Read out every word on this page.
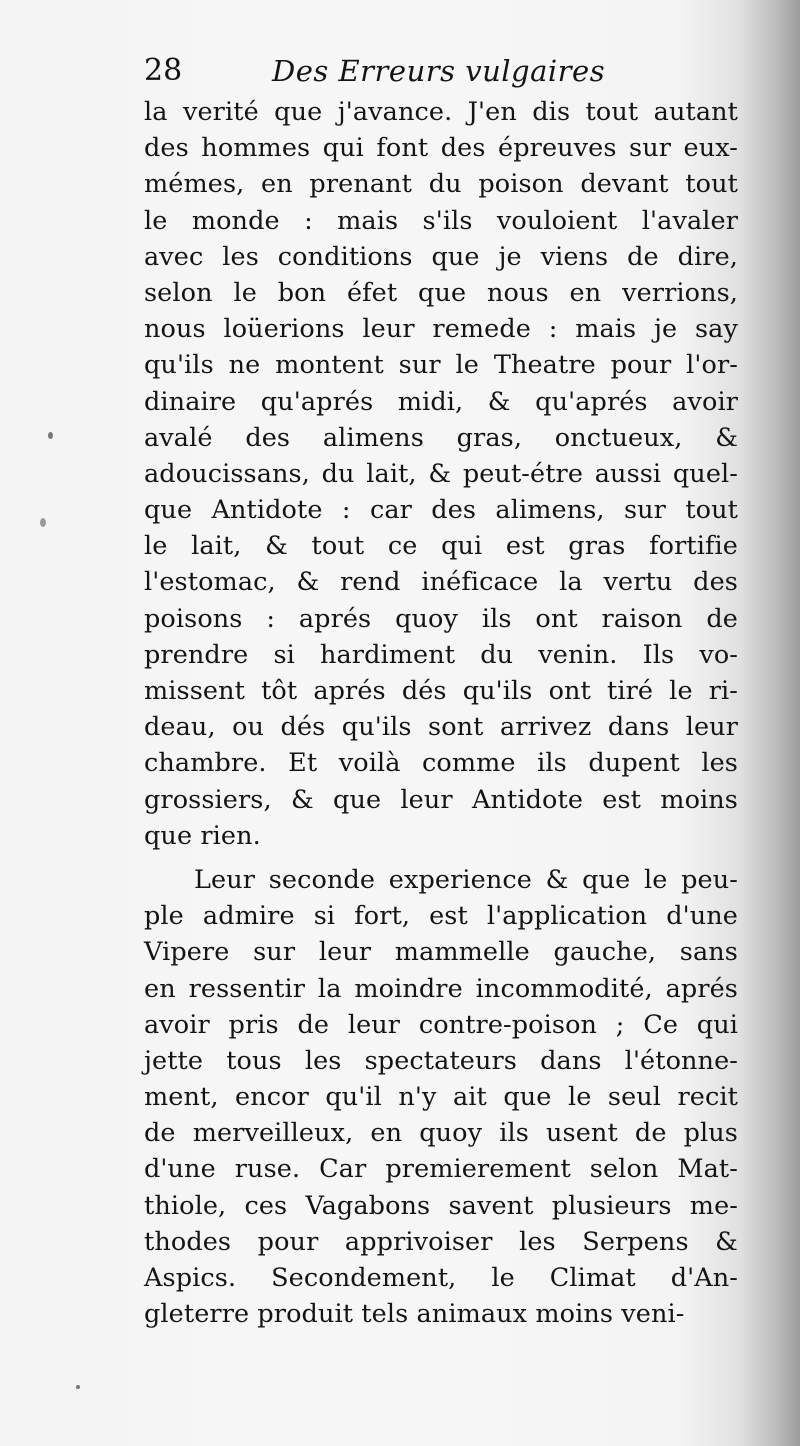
28	Des Erreurs vulgaires
la verité que j'avance. J'en dis tout autant
des hommes qui font des épreuves sur eux-
mémes, en prenant du poison devant tout
le monde : mais s'ils vouloient l'avaler
avec les conditions que je viens de dire,
selon le bon éfet que nous en verrions,
nous loüerions leur remede : mais je say
qu'ils ne montent sur le Theatre pour l'or-
dinaire qu'aprés midi, & qu'aprés avoir
avalé des alimens gras, onctueux, &
adoucissans, du lait, & peut-étre aussi quel-
que Antidote : car des alimens, sur tout
le lait, & tout ce qui est gras fortifie
l'estomac, & rend inéficace la vertu des
poisons : aprés quoy ils ont raison de
prendre si hardiment du venin. Ils vo-
missent tôt aprés dés qu'ils ont tiré le ri-
deau, ou dés qu'ils sont arrivez dans leur
chambre. Et voilà comme ils dupent les
grossiers, & que leur Antidote est moins
que rien.
Leur seconde experience & que le peu-
ple admire si fort, est l'application d'une
Vipere sur leur mammelle gauche, sans
en ressentir la moindre incommodité, aprés
avoir pris de leur contre-poison ; Ce qui
jette tous les spectateurs dans l'étonne-
ment, encor qu'il n'y ait que le seul recit
de merveilleux, en quoy ils usent de plus
d'une ruse. Car premierement selon Mat-
thiole, ces Vagabons savent plusieurs me-
thodes pour apprivoiser les Serpens &
Aspics. Secondement, le Climat d'An-
gleterre produit tels animaux moins veni-
